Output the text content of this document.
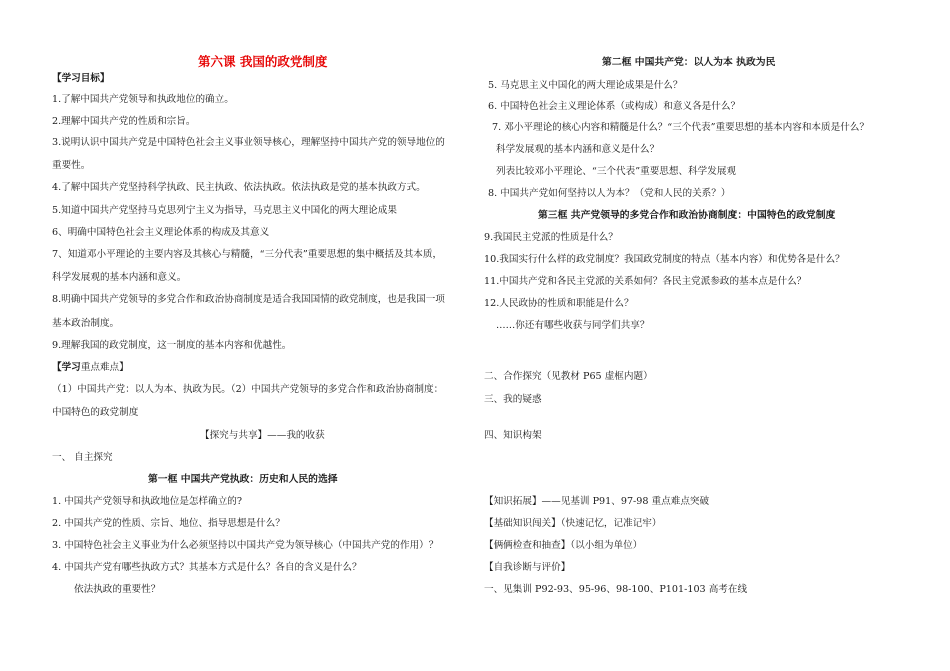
第六课 我国的政党制度
【学习目标】
1.了解中国共产党领导和执政地位的确立。
2.理解中国共产党的性质和宗旨。
3.说明认识中国共产党是中国特色社会主义事业领导核心，理解坚持中国共产党的领导地位的
重要性。
4.了解中国共产党坚持科学执政、民主执政、依法执政。依法执政是党的基本执政方式。
5.知道中国共产党坚持马克思列宁主义为指导，马克思主义中国化的两大理论成果
6、明确中国特色社会主义理论体系的构成及其意义
7、知道邓小平理论的主要内容及其核心与精髓，“三分代表”重要思想的集中概括及其本质，
科学发展观的基本内涵和意义。
8.明确中国共产党领导的多党合作和政治协商制度是适合我国国情的政党制度，也是我国一项
基本政治制度。
9.理解我国的政党制度，这一制度的基本内容和优越性。
【学习重点难点】
（1）中国共产党：以人为本、执政为民。（2）中国共产党领导的多党合作和政治协商制度：
中国特色的政党制度
【探究与共享】——我的收获
一、 自主探究
第一框 中国共产党执政：历史和人民的选择
1. 中国共产党领导和执政地位是怎样确立的?
2. 中国共产党的性质、宗旨、地位、指导思想是什么？
3. 中国特色社会主义事业为什么必须坚持以中国共产党为领导核心（中国共产党的作用）？
4. 中国共产党有哪些执政方式？其基本方式是什么？各自的含义是什么？
依法执政的重要性？
第二框 中国共产党：以人为本 执政为民
5. 马克思主义中国化的两大理论成果是什么？
6. 中国特色社会主义理论体系（或构成）和意义各是什么？
7. 邓小平理论的核心内容和精髓是什么？“三个代表”重要思想的基本内容和本质是什么？
科学发展观的基本内涵和意义是什么？
列表比较邓小平理论、“三个代表”重要思想、科学发展观
8. 中国共产党如何坚持以人为本？（党和人民的关系？）
第三框 共产党领导的多党合作和政治协商制度：中国特色的政党制度
9.我国民主党派的性质是什么？
10.我国实行什么样的政党制度？我国政党制度的特点（基本内容）和优势各是什么？
11.中国共产党和各民主党派的关系如何？各民主党派参政的基本点是什么？
12.人民政协的性质和职能是什么？
……你还有哪些收获与同学们共享？
二、合作探究（见教材 P65 虚框内题）
三、我的疑惑
四、知识构架
【知识拓展】——见基训 P91、97-98 重点难点突破
【基础知识闯关】（快速记忆，记准记牢）
【俩俩检查和抽查】（以小组为单位）
【自我诊断与评价】
一、见集训 P92-93、95-96、98-100、P101-103 高考在线
